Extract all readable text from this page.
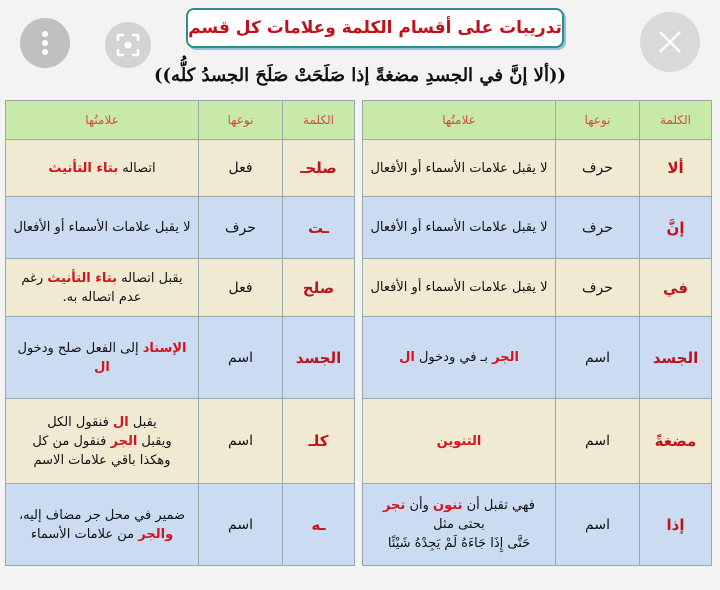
تدريبات على أقسام الكلمة وعلامات كل قسم
((ألا إنَّ في الجسدِ مضغةً إذا صَلَحَتْ صَلَحَ الجسدُ كلُّه))
الكلمة	نوعها	علامتُها
ألا	حرف	لا يقبل علامات الأسماء أو الأفعال
إنَّ	حرف	لا يقبل علامات الأسماء أو الأفعال
في	حرف	لا يقبل علامات الأسماء أو الأفعال
الجسد	اسم	الجر بـ في ودخول ال
مضغةً	اسم	التنوين
إذا	اسم	فهي تقبل أن تنون وأن تجر
بحتى مثل
حَتَّى إِذَا جَاءَهُ لَمْ يَجِدْهُ شَيْئًا
الكلمة	نوعها	علامتُها
صلحـ	فعل	اتصاله بتاء التأنيث
ـت	حرف	لا يقبل علامات الأسماء أو الأفعال
صلح	فعل	يقبل اتصاله بتاء التأنيث رغم عدم اتصاله به.
الجسد	اسم	الإسناد إلى الفعل صلح ودخول ال
كلـ	اسم	يقبل ال فنقول الكل
ويقبل الجر فنقول من كل
وهكذا باقي علامات الاسم

ـه	اسم	ضمير في محل جر مضاف إليه، والجر من علامات الأسماء
